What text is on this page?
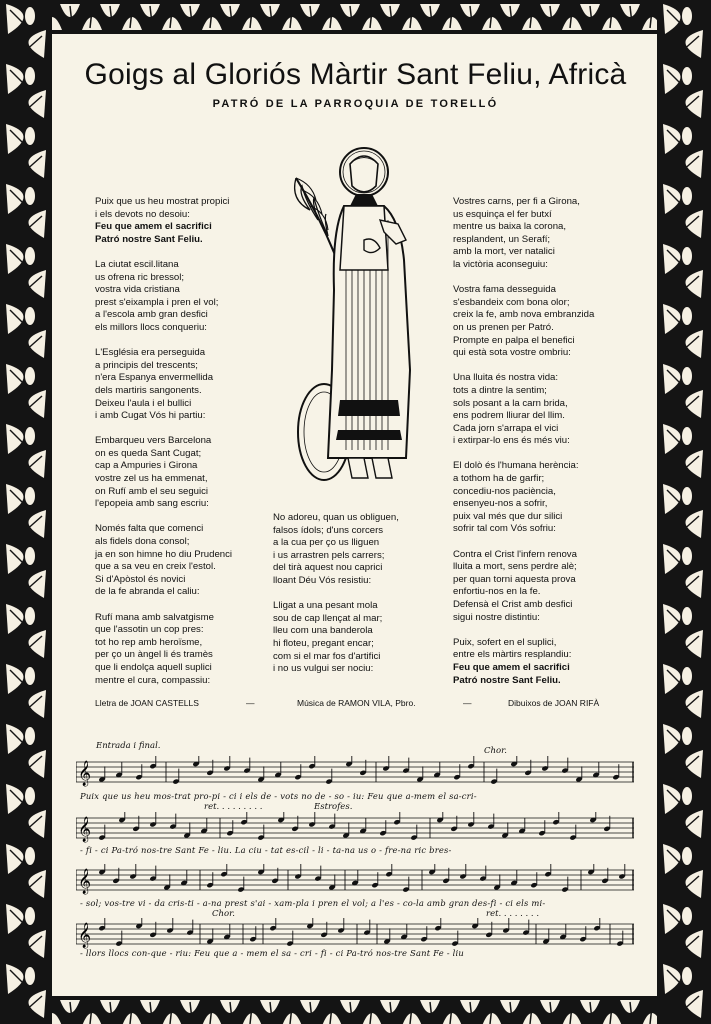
Goigs al Gloriós Màrtir Sant Feliu, Africà
PATRÓ DE LA PARROQUIA DE TORELLÓ
Puix que us heu mostrat propici
i els devots no desoiu:
Feu que amem el sacrifici
Patró nostre Sant Feliu.
La ciutat escil.litana
us ofrena ric bressol;
vostra vida cristiana
prest s'eixampla i pren el vol;
a l'escola amb gran desfici
els millors llocs conqueriu:
L'Església era perseguida
a principis del trescents;
n'era Espanya envermellida
dels martiris sangonents.
Deixeu l'aula i el bullici
i amb Cugat Vós hi partiu:
Embarqueu vers Barcelona
on es queda Sant Cugat;
cap a Ampuries i Girona
vostre zel us ha emmenat,
on Rufí amb el seu seguici
l'epopeia amb sang escriu:
Només falta que comenci
als fidels dona consol;
ja en son himne ho diu Prudenci
que a sa veu en creix l'estol.
Si d'Apòstol és novici
de la fe abranda el caliu:
Rufí mana amb salvatgisme
que l'assotin un cop pres:
tot ho rep amb heroïsme,
per ço un àngel li és tramès
que li endolça aquell suplici
mentre el cura, compassiu:
No adoreu, quan us obliguen,
falsos ídols; d'uns corcers
a la cua per ço us lliguen
i us arrastren pels carrers;
del tirà aquest nou caprici
lloant Déu Vós resistiu:
Lligat a una pesant mola
sou de cap llençat al mar;
lleu com una banderola
hi floteu, pregant encar;
com si el mar fos d'artifici
i no us vulgui ser nociu:
Vostres carns, per fi a Girona,
us esquinça el fer butxí
mentre us baixa la corona,
resplandent, un Serafí;
amb la mort, ver natalici
la victòria aconseguiu:
Vostra fama desseguida
s'esbandeix com bona olor;
creix la fe, amb nova embranzida
on us prenen per Patró.
Prompte en palpa el benefici
qui està sota vostre ombriu:
Una lluita és nostra vida:
tots a dintre la sentim;
sols posant a la carn brida,
ens podrem lliurar del llim.
Cada jorn s'arrapa el vici
i extirpar-lo ens és més viu:
El dolò és l'humana herència:
a tothom ha de garfir;
concediu-nos paciència,
ensenyeu-nos a sofrir,
puix val més que dur silici
sofrir tal com Vós sofriu:
Contra el Crist l'infern renova
lluita a mort, sens perdre alè;
per quan torni aquesta prova
enfortiu-nos en la fe.
Defensà el Crist amb desfici
sigui nostre distintiu:
Puix, sofert en el suplici,
entre els màrtirs resplandiu:
Feu que amem el sacrifici
Patró nostre Sant Feliu.
Lletra de JOAN CASTELLS	—	Música de RAMON VILA, Pbro.	—	Dibuixos de JOAN RIFÀ
Entrada i final.	Chor.
ret. . . . . . . . .	Estrofes.
ret. . . . . . . .
Chor.
𝄞
Puix que us heu mos-trat pro-pi - ci i els de - vots no de - so - iu: Feu que a-mem el sa-cri-
𝄞
- fi - ci Pa-tró nos-tre Sant Fe - liu. La ciu - tat es-cil - li - ta-na us o - fre-na ric bres-
𝄞
- sol; vos-tre vi - da cris-ti - a-na prest s'ai - xam-pla i pren el vol; a l'es - co-la amb gran des-fi - ci els mi-
𝄞
- llors llocs con-que - riu: Feu que a - mem el sa - cri - fi - ci Pa-tró nos-tre Sant Fe - liu
